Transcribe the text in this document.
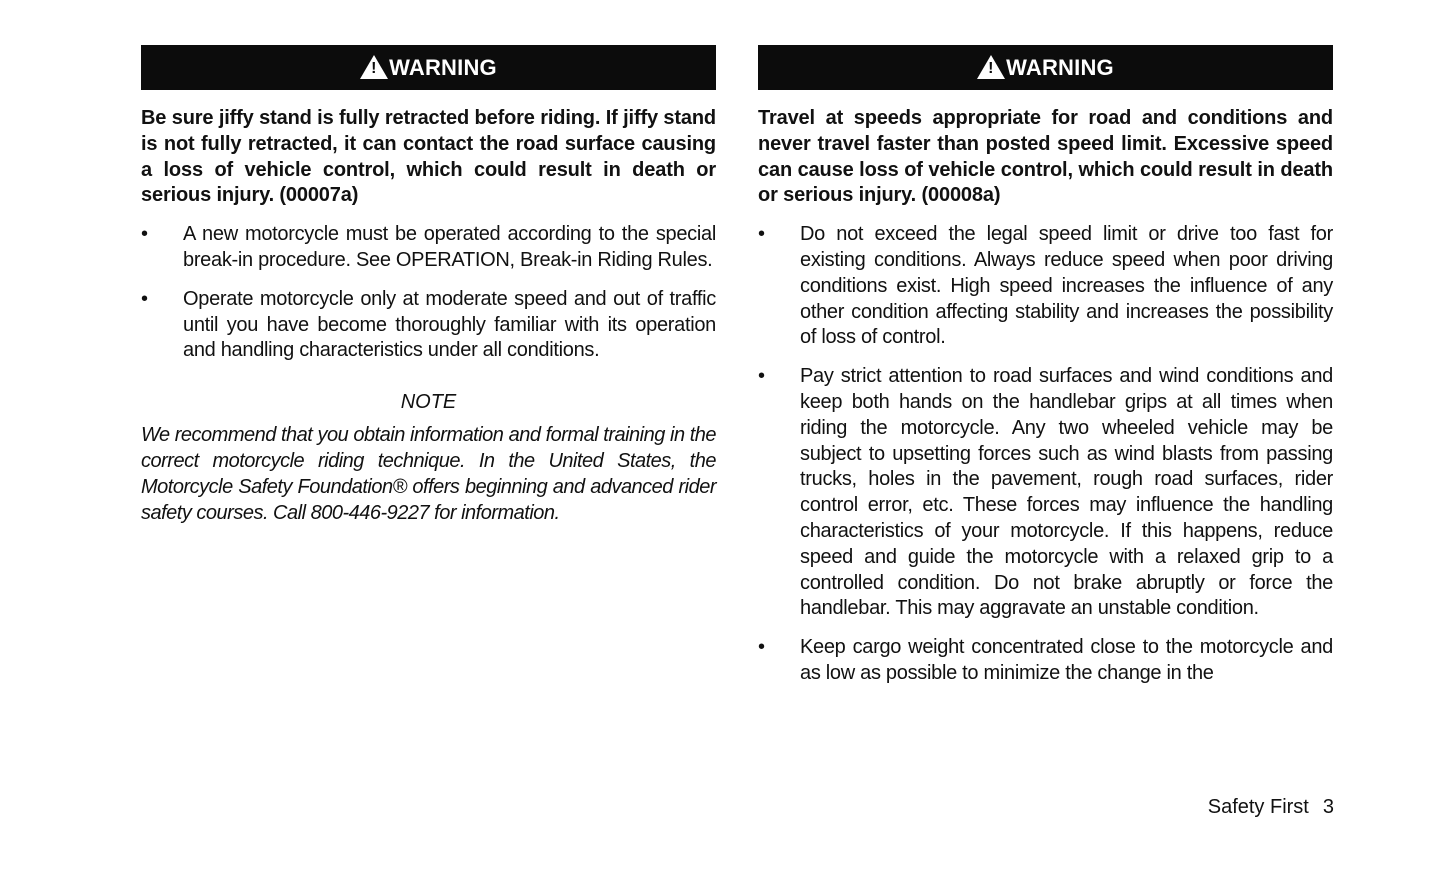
!
WARNING

Be sure jiffy stand is fully retracted before riding. If jiffy stand is not fully retracted, it can contact the road surface causing a loss of vehicle control, which could result in death or serious injury. (00007a)

• A new motorcycle must be operated according to the special break-in procedure. See OPERATION, Break-in Riding Rules.
• Operate motorcycle only at moderate speed and out of traffic until you have become thoroughly familiar with its operation and handling characteristics under all conditions.

NOTE

We recommend that you obtain information and formal training in the correct motorcycle riding technique. In the United States, the Motorcycle Safety Foundation® offers beginning and advanced rider safety courses. Call 800-446-9227 for information.

!
WARNING

Travel at speeds appropriate for road and conditions and never travel faster than posted speed limit. Excessive speed can cause loss of vehicle control, which could result in death or serious injury. (00008a)

• Do not exceed the legal speed limit or drive too fast for existing conditions. Always reduce speed when poor driving conditions exist. High speed increases the influence of any other condition affecting stability and increases the possibility of loss of control.
• Pay strict attention to road surfaces and wind conditions and keep both hands on the handlebar grips at all times when riding the motorcycle. Any two wheeled vehicle may be subject to upsetting forces such as wind blasts from passing trucks, holes in the pavement, rough road surfaces, rider control error, etc. These forces may influence the handling characteristics of your motorcycle. If this happens, reduce speed and guide the motorcycle with a relaxed grip to a controlled condition. Do not brake abruptly or force the handlebar. This may aggravate an unstable condition.
• Keep cargo weight concentrated close to the motorcycle and as low as possible to minimize the change in the
Safety First 3
